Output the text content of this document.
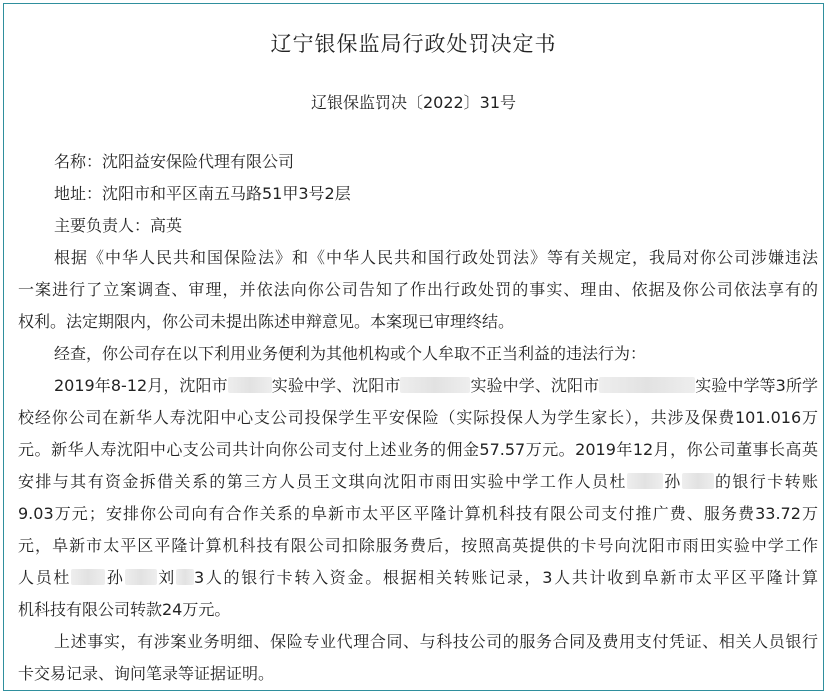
辽宁银保监局行政处罚决定书
辽银保监罚决〔2022〕31号
名称：沈阳益安保险代理有限公司
地址：沈阳市和平区南五马路51甲3号2层
主要负责人：高英
根据《中华人民共和国保险法》和《中华人民共和国行政处罚法》等有关规定，我局对你公司涉嫌违法
一案进行了立案调查、审理，并依法向你公司告知了作出行政处罚的事实、理由、依据及你公司依法享有的
权利。法定期限内，你公司未提出陈述申辩意见。本案现已审理终结。
经查，你公司存在以下利用业务便利为其他机构或个人牟取不正当利益的违法行为：
2019年8-12月，沈阳市	实验中学、沈阳市	实验中学、沈阳市	实验中学等3所学
校经你公司在新华人寿沈阳中心支公司投保学生平安保险（实际投保人为学生家长），共涉及保费101.016万
元。新华人寿沈阳中心支公司共计向你公司支付上述业务的佣金57.57万元。2019年12月，你公司董事长高英
安排与其有资金拆借关系的第三方人员王文琪向沈阳市雨田实验中学工作人员杜 孙 的银行卡转账
9.03万元；安排你公司向有合作关系的阜新市太平区平隆计算机科技有限公司支付推广费、服务费33.72万
元，阜新市太平区平隆计算机科技有限公司扣除服务费后，按照高英提供的卡号向沈阳市雨田实验中学工作
人员杜 孙 刘 3人的银行卡转入资金。根据相关转账记录，3人共计收到阜新市太平区平隆计算
机科技有限公司转款24万元。
上述事实，有涉案业务明细、保险专业代理合同、与科技公司的服务合同及费用支付凭证、相关人员银行
卡交易记录、询问笔录等证据证明。
